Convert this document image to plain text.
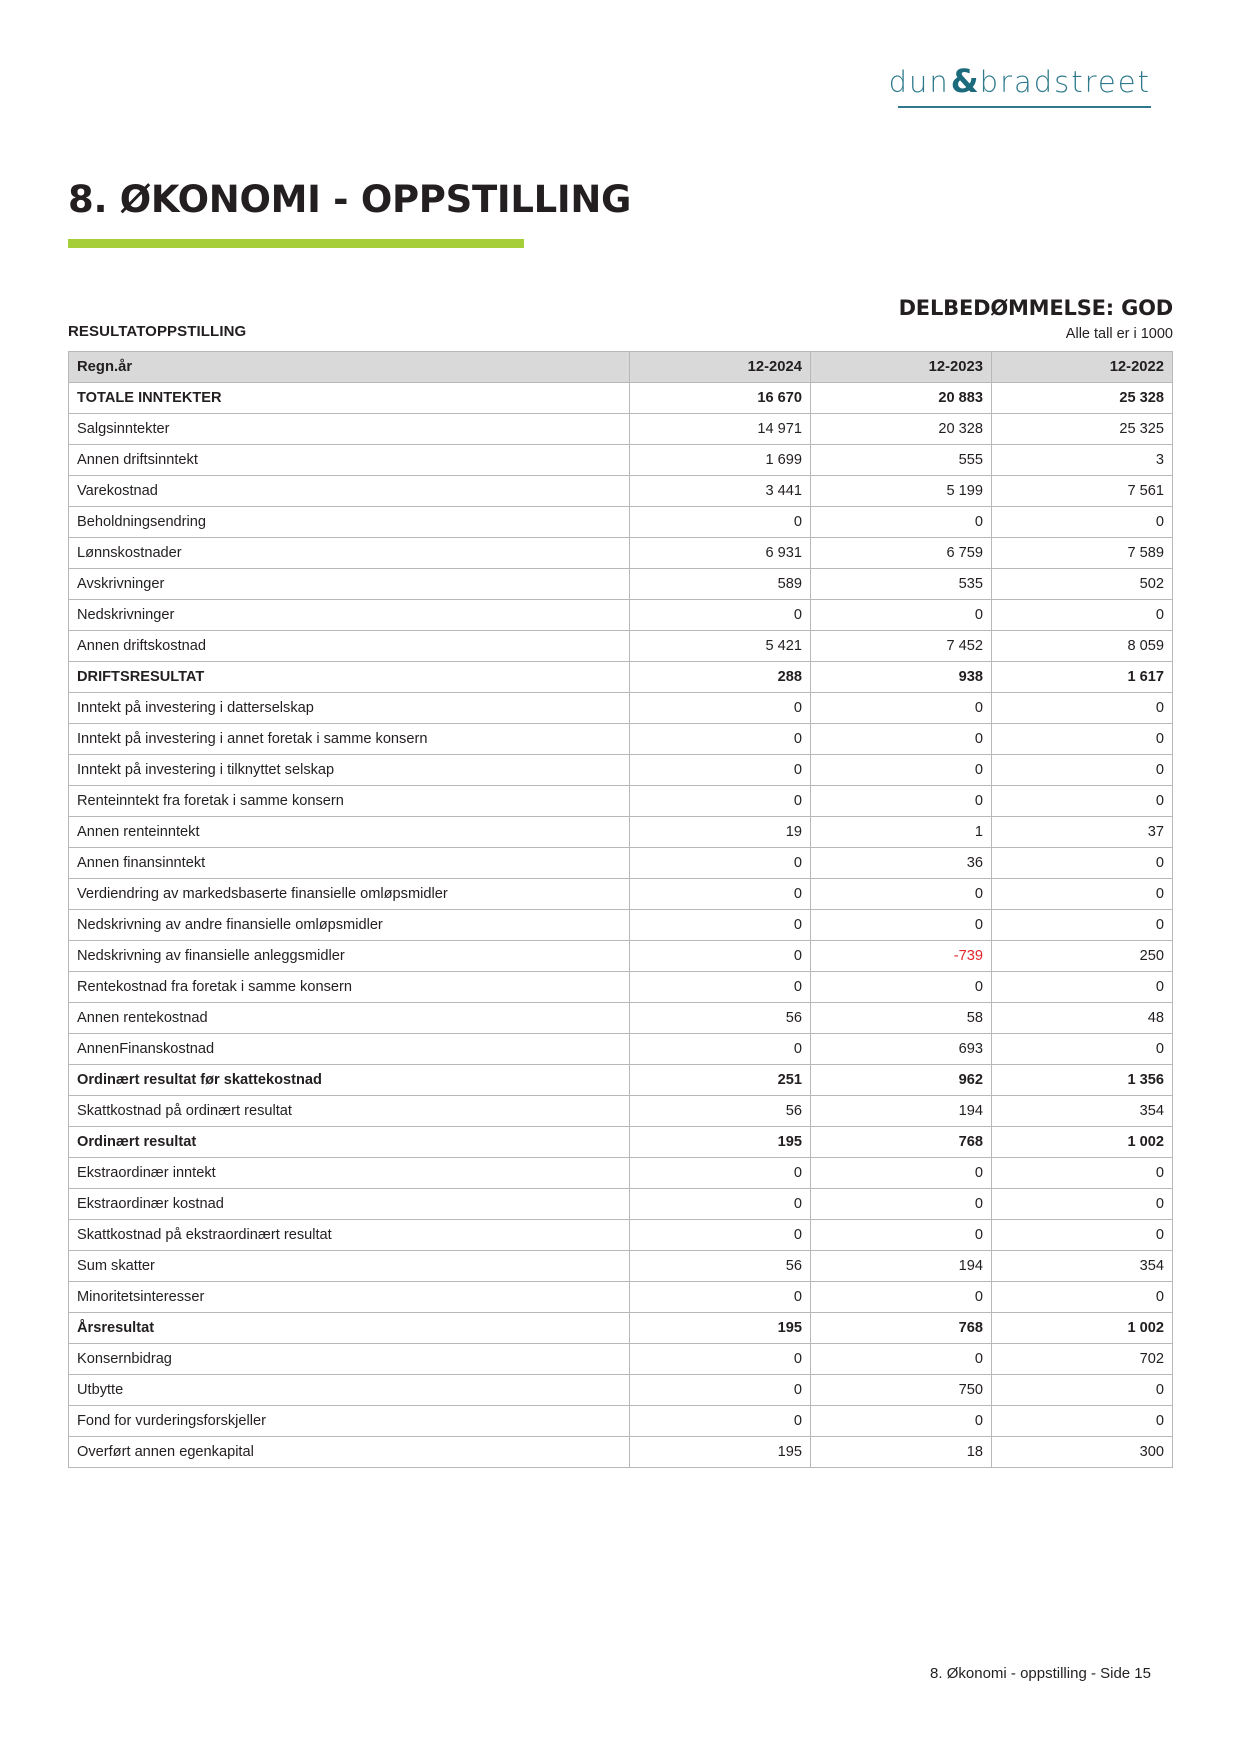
dun & bradstreet
8. ØKONOMI - OPPSTILLING
RESULTATOPPSTILLING
DELBEDØMMELSE: GOD
Alle tall er i 1000
Regn.år	12-2024	12-2023	12-2022
TOTALE INNTEKTER	16 670	20 883	25 328
Salgsinntekter	14 971	20 328	25 325
Annen driftsinntekt	1 699	555	3
Varekostnad	3 441	5 199	7 561
Beholdningsendring	0	0	0
Lønnskostnader	6 931	6 759	7 589
Avskrivninger	589	535	502
Nedskrivninger	0	0	0
Annen driftskostnad	5 421	7 452	8 059
DRIFTSRESULTAT	288	938	1 617
Inntekt på investering i datterselskap	0	0	0
Inntekt på investering i annet foretak i samme konsern	0	0	0
Inntekt på investering i tilknyttet selskap	0	0	0
Renteinntekt fra foretak i samme konsern	0	0	0
Annen renteinntekt	19	1	37
Annen finansinntekt	0	36	0
Verdiendring av markedsbaserte finansielle omløpsmidler	0	0	0
Nedskrivning av andre finansielle omløpsmidler	0	0	0
Nedskrivning av finansielle anleggsmidler	0	-739	250
Rentekostnad fra foretak i samme konsern	0	0	0
Annen rentekostnad	56	58	48
AnnenFinanskostnad	0	693	0
Ordinært resultat før skattekostnad	251	962	1 356
Skattkostnad på ordinært resultat	56	194	354
Ordinært resultat	195	768	1 002
Ekstraordinær inntekt	0	0	0
Ekstraordinær kostnad	0	0	0
Skattkostnad på ekstraordinært resultat	0	0	0
Sum skatter	56	194	354
Minoritetsinteresser	0	0	0
Årsresultat	195	768	1 002
Konsernbidrag	0	0	702
Utbytte	0	750	0
Fond for vurderingsforskjeller	0	0	0
Overført annen egenkapital	195	18	300
8. Økonomi - oppstilling - Side 15
